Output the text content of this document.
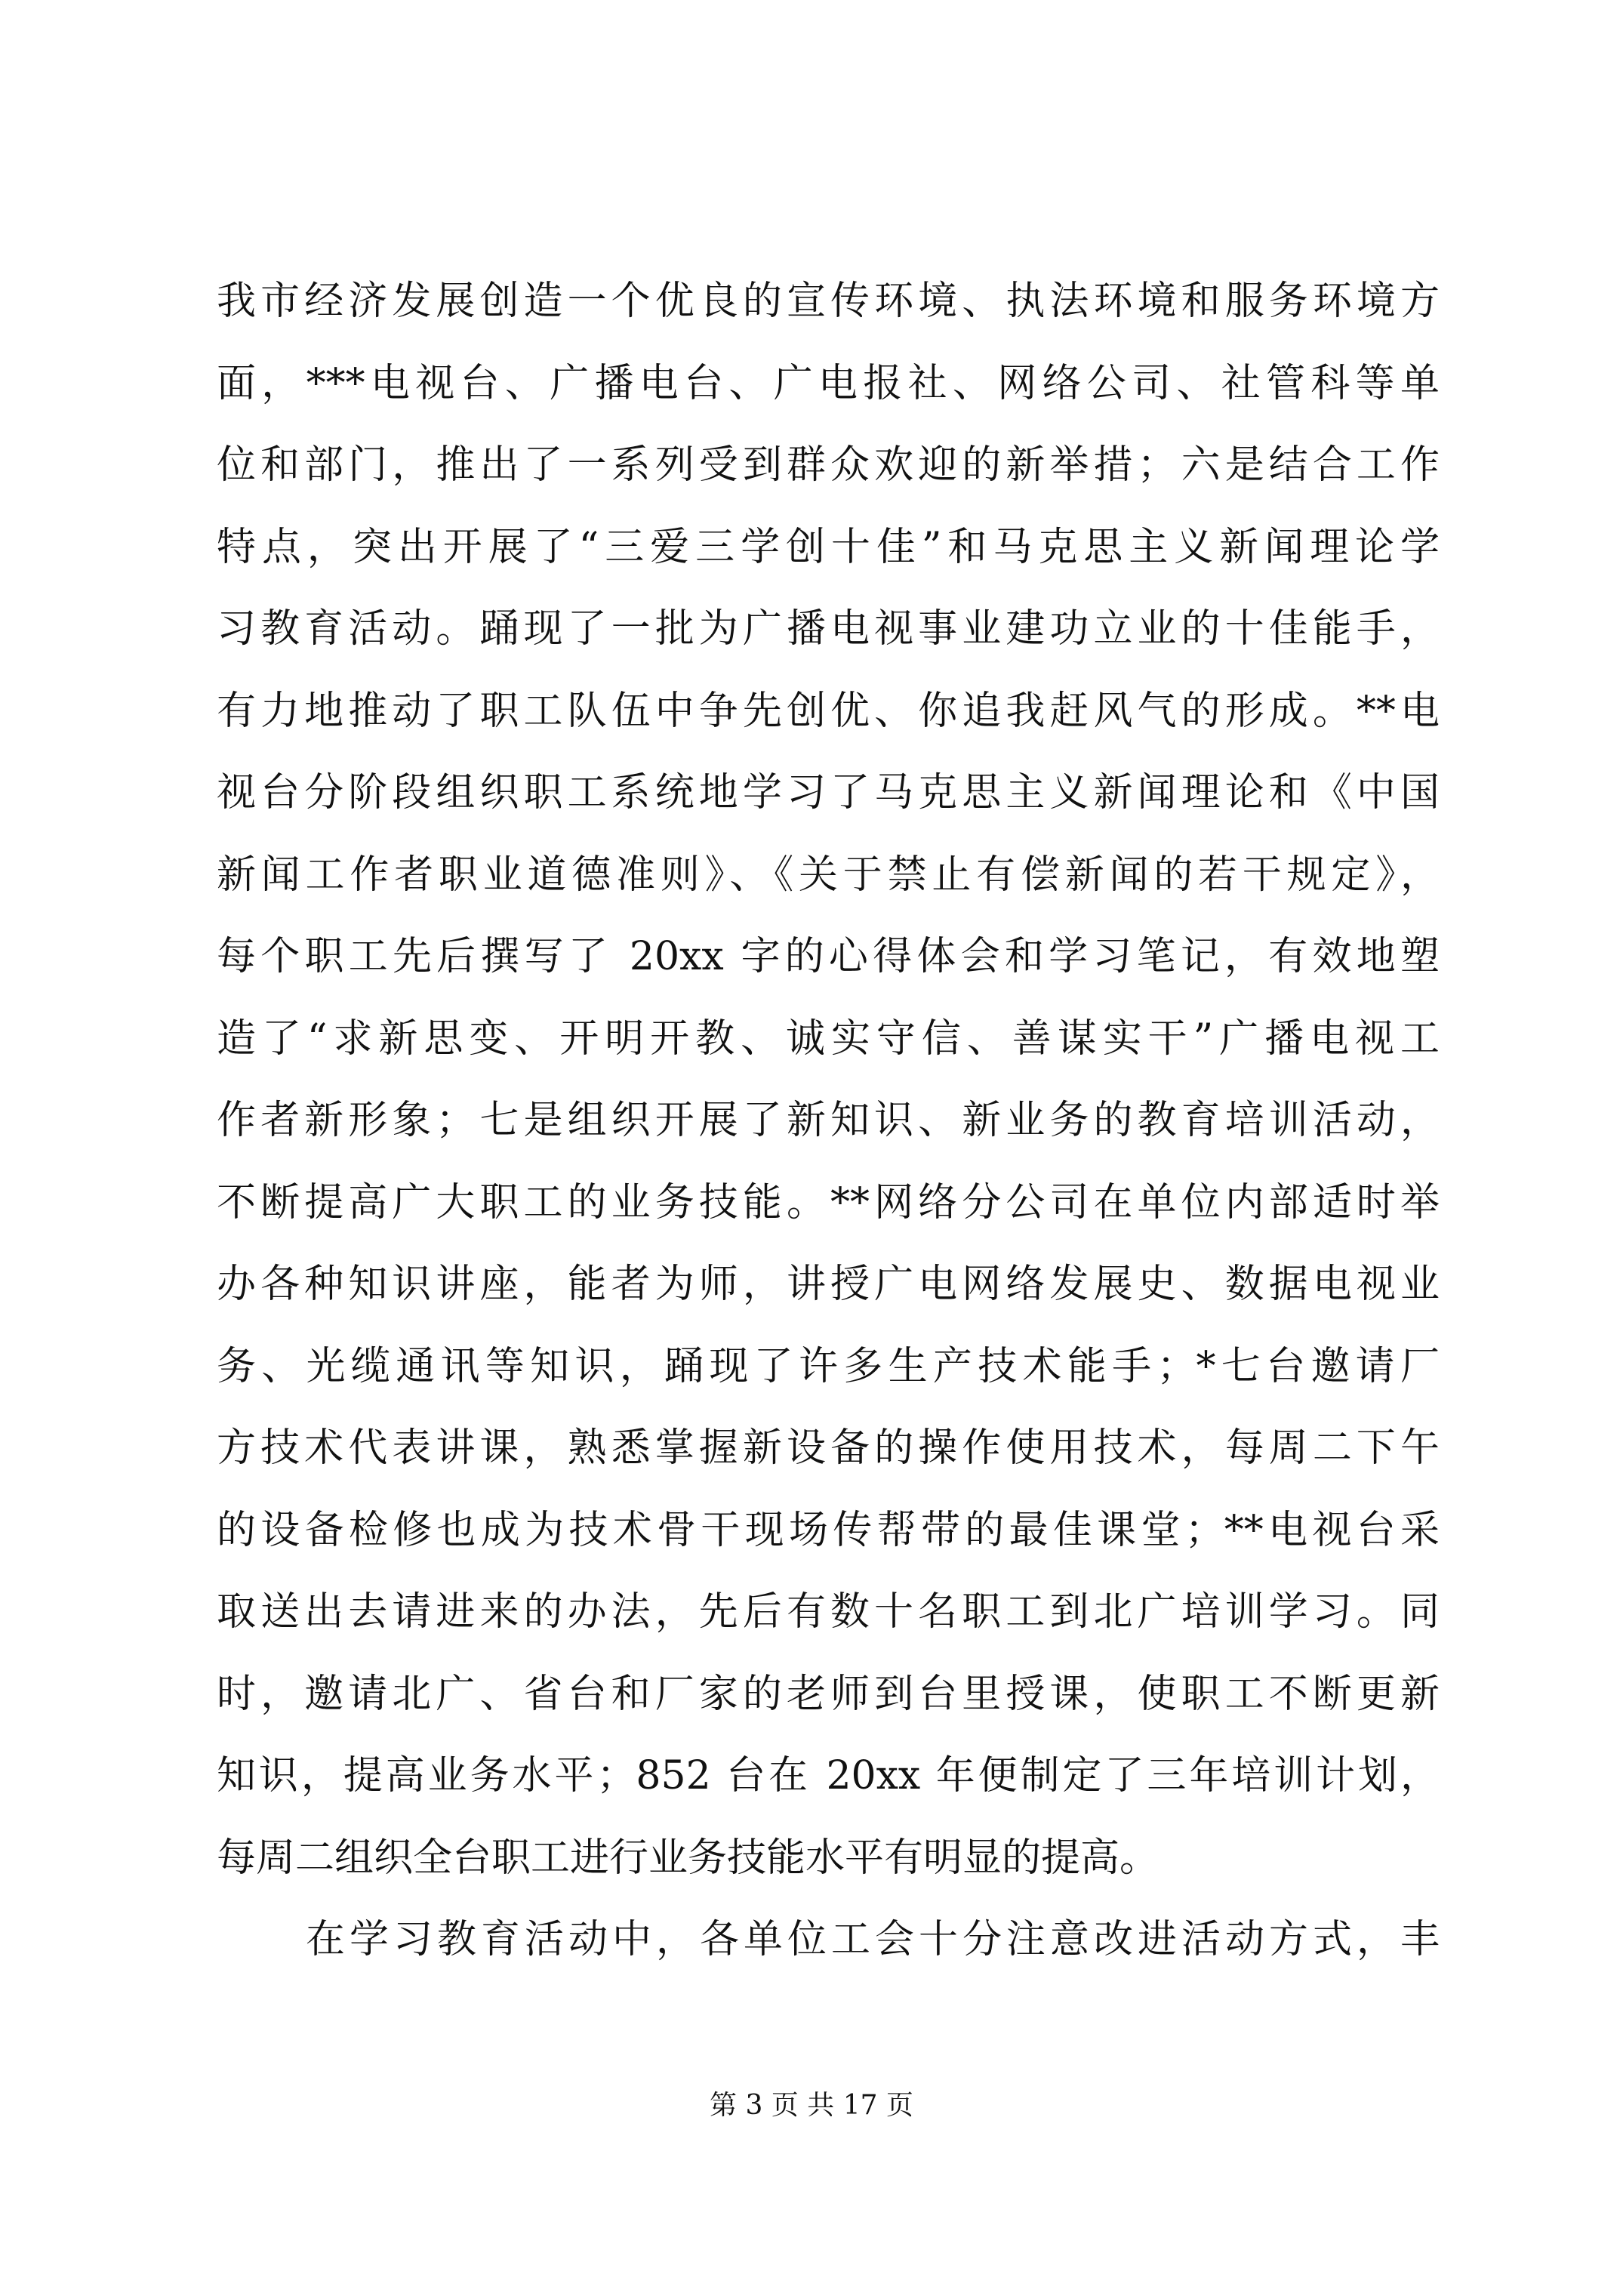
我市经济发展创造一个优良的宣传环境、执法环境和服务环境方
面，***电视台、广播电台、广电报社、网络公司、社管科等单
位和部门，推出了一系列受到群众欢迎的新举措；六是结合工作
特点，突出开展了“三爱三学创十佳”和马克思主义新闻理论学
习教育活动。踊现了一批为广播电视事业建功立业的十佳能手，
有力地推动了职工队伍中争先创优、你追我赶风气的形成。**电
视台分阶段组织职工系统地学习了马克思主义新闻理论和《中国
新闻工作者职业道德准则》、《关于禁止有偿新闻的若干规定》，
每个职工先后撰写了 20xx 字的心得体会和学习笔记，有效地塑
造了“求新思变、开明开教、诚实守信、善谋实干”广播电视工
作者新形象；七是组织开展了新知识、新业务的教育培训活动，
不断提高广大职工的业务技能。**网络分公司在单位内部适时举
办各种知识讲座，能者为师，讲授广电网络发展史、数据电视业
务、光缆通讯等知识，踊现了许多生产技术能手；*七台邀请厂
方技术代表讲课，熟悉掌握新设备的操作使用技术，每周二下午
的设备检修也成为技术骨干现场传帮带的最佳课堂；**电视台采
取送出去请进来的办法，先后有数十名职工到北广培训学习。同
时，邀请北广、省台和厂家的老师到台里授课，使职工不断更新
知识，提高业务水平；852 台在 20xx 年便制定了三年培训计划，
每周二组织全台职工进行业务技能水平有明显的提高。
在学习教育活动中，各单位工会十分注意改进活动方式，丰
第 3 页 共 17 页
